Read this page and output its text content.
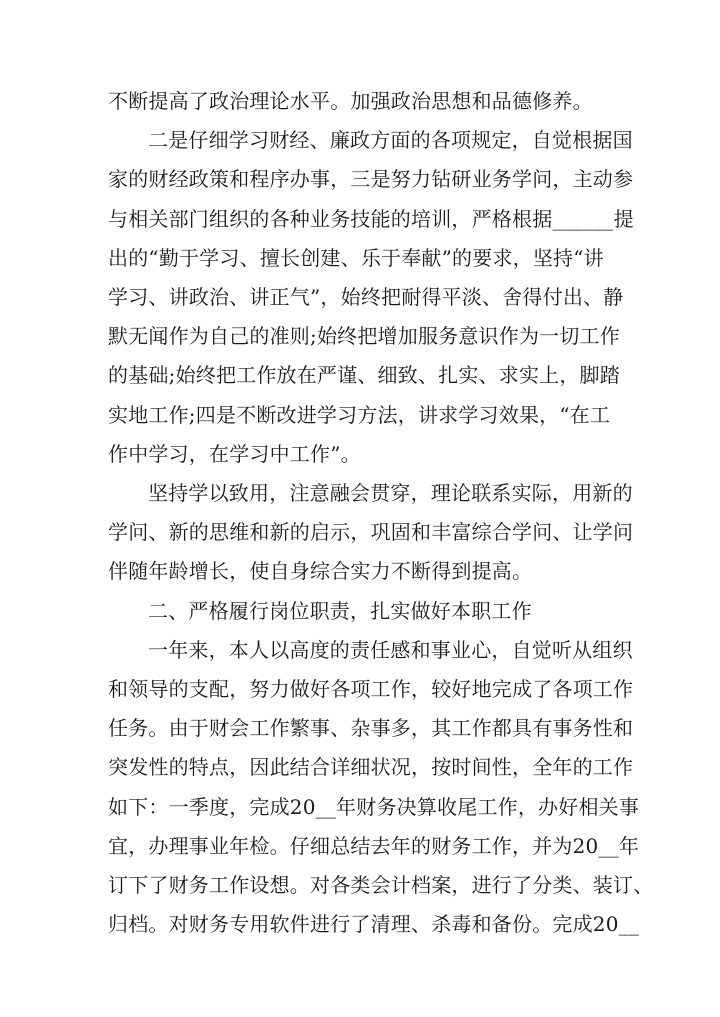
不断提高了政治理论水平。加强政治思想和品德修养。

二是仔细学习财经、廉政方面的各项规定，自觉根据国
家的财经政策和程序办事，三是努力钻研业务学问，主动参
与相关部门组织的各种业务技能的培训，严格根据______提
出的“勤于学习、擅长创建、乐于奉献”的要求，坚持“讲
学习、讲政治、讲正气”，始终把耐得平淡、舍得付出、静
默无闻作为自己的准则;始终把增加服务意识作为一切工作
的基础;始终把工作放在严谨、细致、扎实、求实上，脚踏
实地工作;四是不断改进学习方法，讲求学习效果，“在工
作中学习，在学习中工作”。

坚持学以致用，注意融会贯穿，理论联系实际，用新的
学问、新的思维和新的启示，巩固和丰富综合学问、让学问
伴随年龄增长，使自身综合实力不断得到提高。

二、严格履行岗位职责，扎实做好本职工作

一年来，本人以高度的责任感和事业心，自觉听从组织
和领导的支配，努力做好各项工作，较好地完成了各项工作
任务。由于财会工作繁事、杂事多，其工作都具有事务性和
突发性的特点，因此结合详细状况，按时间性，全年的工作
如下：一季度，完成20__年财务决算收尾工作，办好相关事
宜，办理事业年检。仔细总结去年的财务工作，并为20__年
订下了财务工作设想。对各类会计档案，进行了分类、装订、
归档。对财务专用软件进行了清理、杀毒和备份。完成20__
